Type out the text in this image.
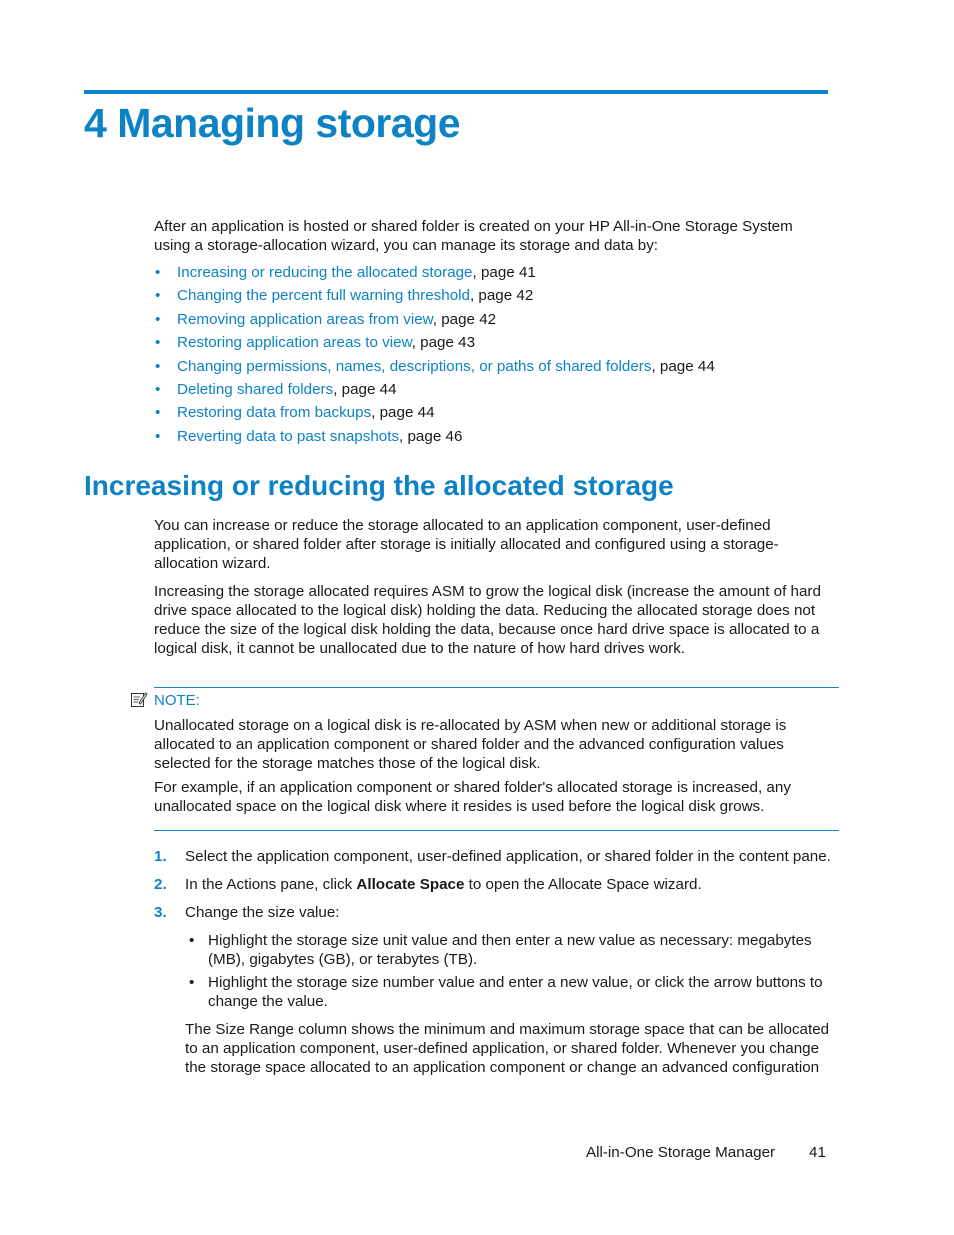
4 Managing storage

After an application is hosted or shared folder is created on your HP All-in-One Storage System using a storage-allocation wizard, you can manage its storage and data by:

• Increasing or reducing the allocated storage, page 41
• Changing the percent full warning threshold, page 42
• Removing application areas from view, page 42
• Restoring application areas to view, page 43
• Changing permissions, names, descriptions, or paths of shared folders, page 44
• Deleting shared folders, page 44
• Restoring data from backups, page 44
• Reverting data to past snapshots, page 46
Increasing or reducing the allocated storage

You can increase or reduce the storage allocated to an application component, user-defined application, or shared folder after storage is initially allocated and configured using a storage-allocation wizard.

Increasing the storage allocated requires ASM to grow the logical disk (increase the amount of hard drive space allocated to the logical disk) holding the data. Reducing the allocated storage does not reduce the size of the logical disk holding the data, because once hard drive space is allocated to a logical disk, it cannot be unallocated due to the nature of how hard drives work.

NOTE:

Unallocated storage on a logical disk is re-allocated by ASM when new or additional storage is allocated to an application component or shared folder and the advanced configuration values selected for the storage matches those of the logical disk.

For example, if an application component or shared folder's allocated storage is increased, any unallocated space on the logical disk where it resides is used before the logical disk grows.

1. Select the application component, user-defined application, or shared folder in the content pane.
2. In the Actions pane, click Allocate Space to open the Allocate Space wizard.
3. Change the size value:
• Highlight the storage size unit value and then enter a new value as necessary: megabytes (MB), gigabytes (GB), or terabytes (TB).
• Highlight the storage size number value and enter a new value, or click the arrow buttons to change the value.

The Size Range column shows the minimum and maximum storage space that can be allocated to an application component, user-defined application, or shared folder. Whenever you change the storage space allocated to an application component or change an advanced configuration

All-in-One Storage Manager 41
